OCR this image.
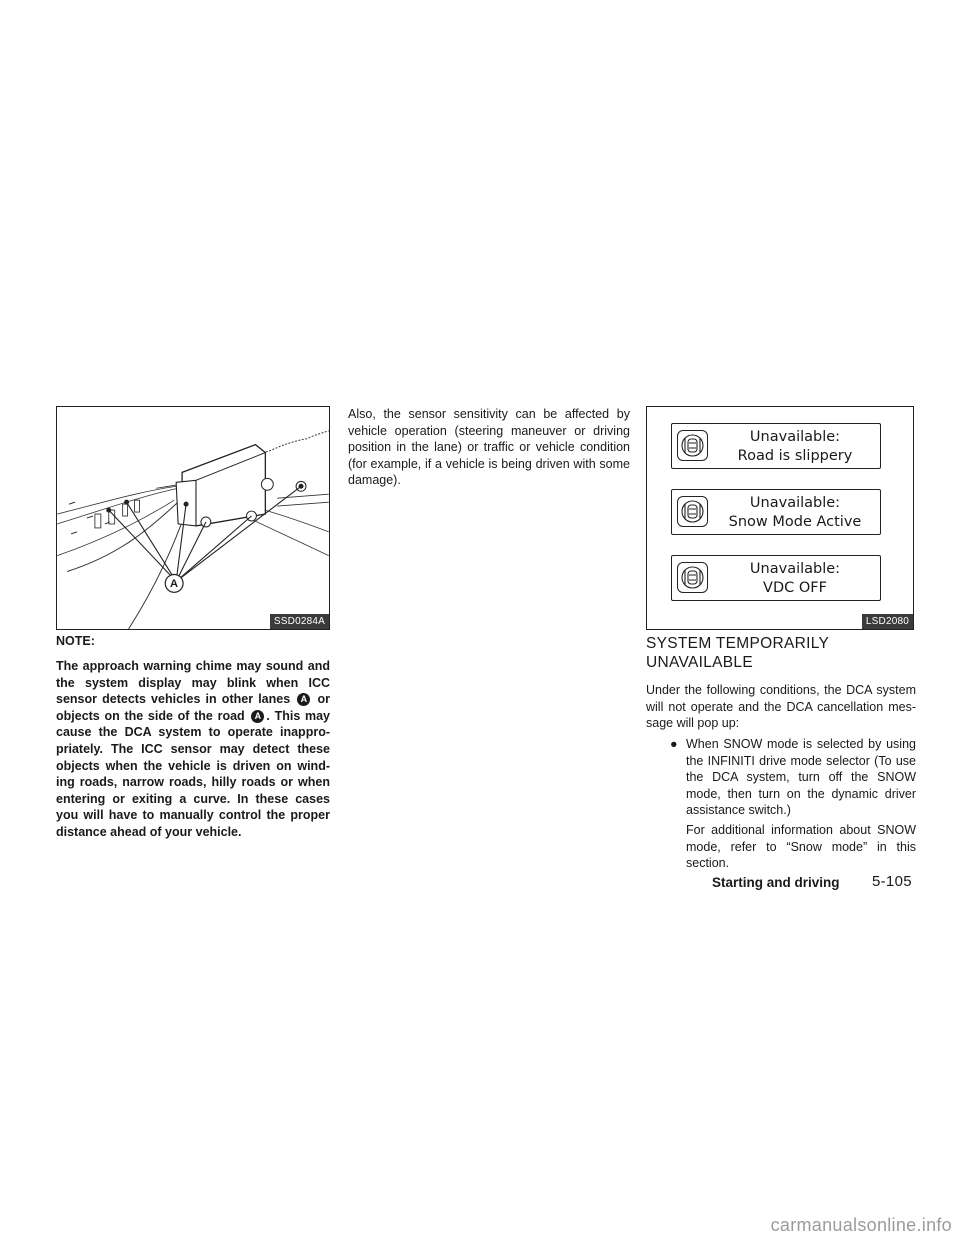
A
SSD0284A
NOTE:
The approach warning chime may sound and the system display may blink when ICC sensor detects vehicles in other lanes A or objects on the side of the road A . This may cause the DCA system to operate inappro-priately. The ICC sensor may detect these objects when the vehicle is driven on wind-ing roads, narrow roads, hilly roads or when entering or exiting a curve. In these cases you will have to manually control the proper distance ahead of your vehicle.
Also, the sensor sensitivity can be affected by vehicle operation (steering maneuver or driving position in the lane) or traffic or vehicle condition (for example, if a vehicle is being driven with some damage).
Unavailable:
Road is slippery
Unavailable:
Snow Mode Active
Unavailable:
VDC OFF
LSD2080
SYSTEM TEMPORARILY UNAVAILABLE
Under the following conditions, the DCA system will not operate and the DCA cancellation mes-sage will pop up:
● When SNOW mode is selected by using the INFINITI drive mode selector (To use the DCA system, turn off the SNOW mode, then turn on the dynamic driver assistance switch.)
For additional information about SNOW mode, refer to “Snow mode” in this section.
Starting and driving 5-105
carmanualsonline.info
